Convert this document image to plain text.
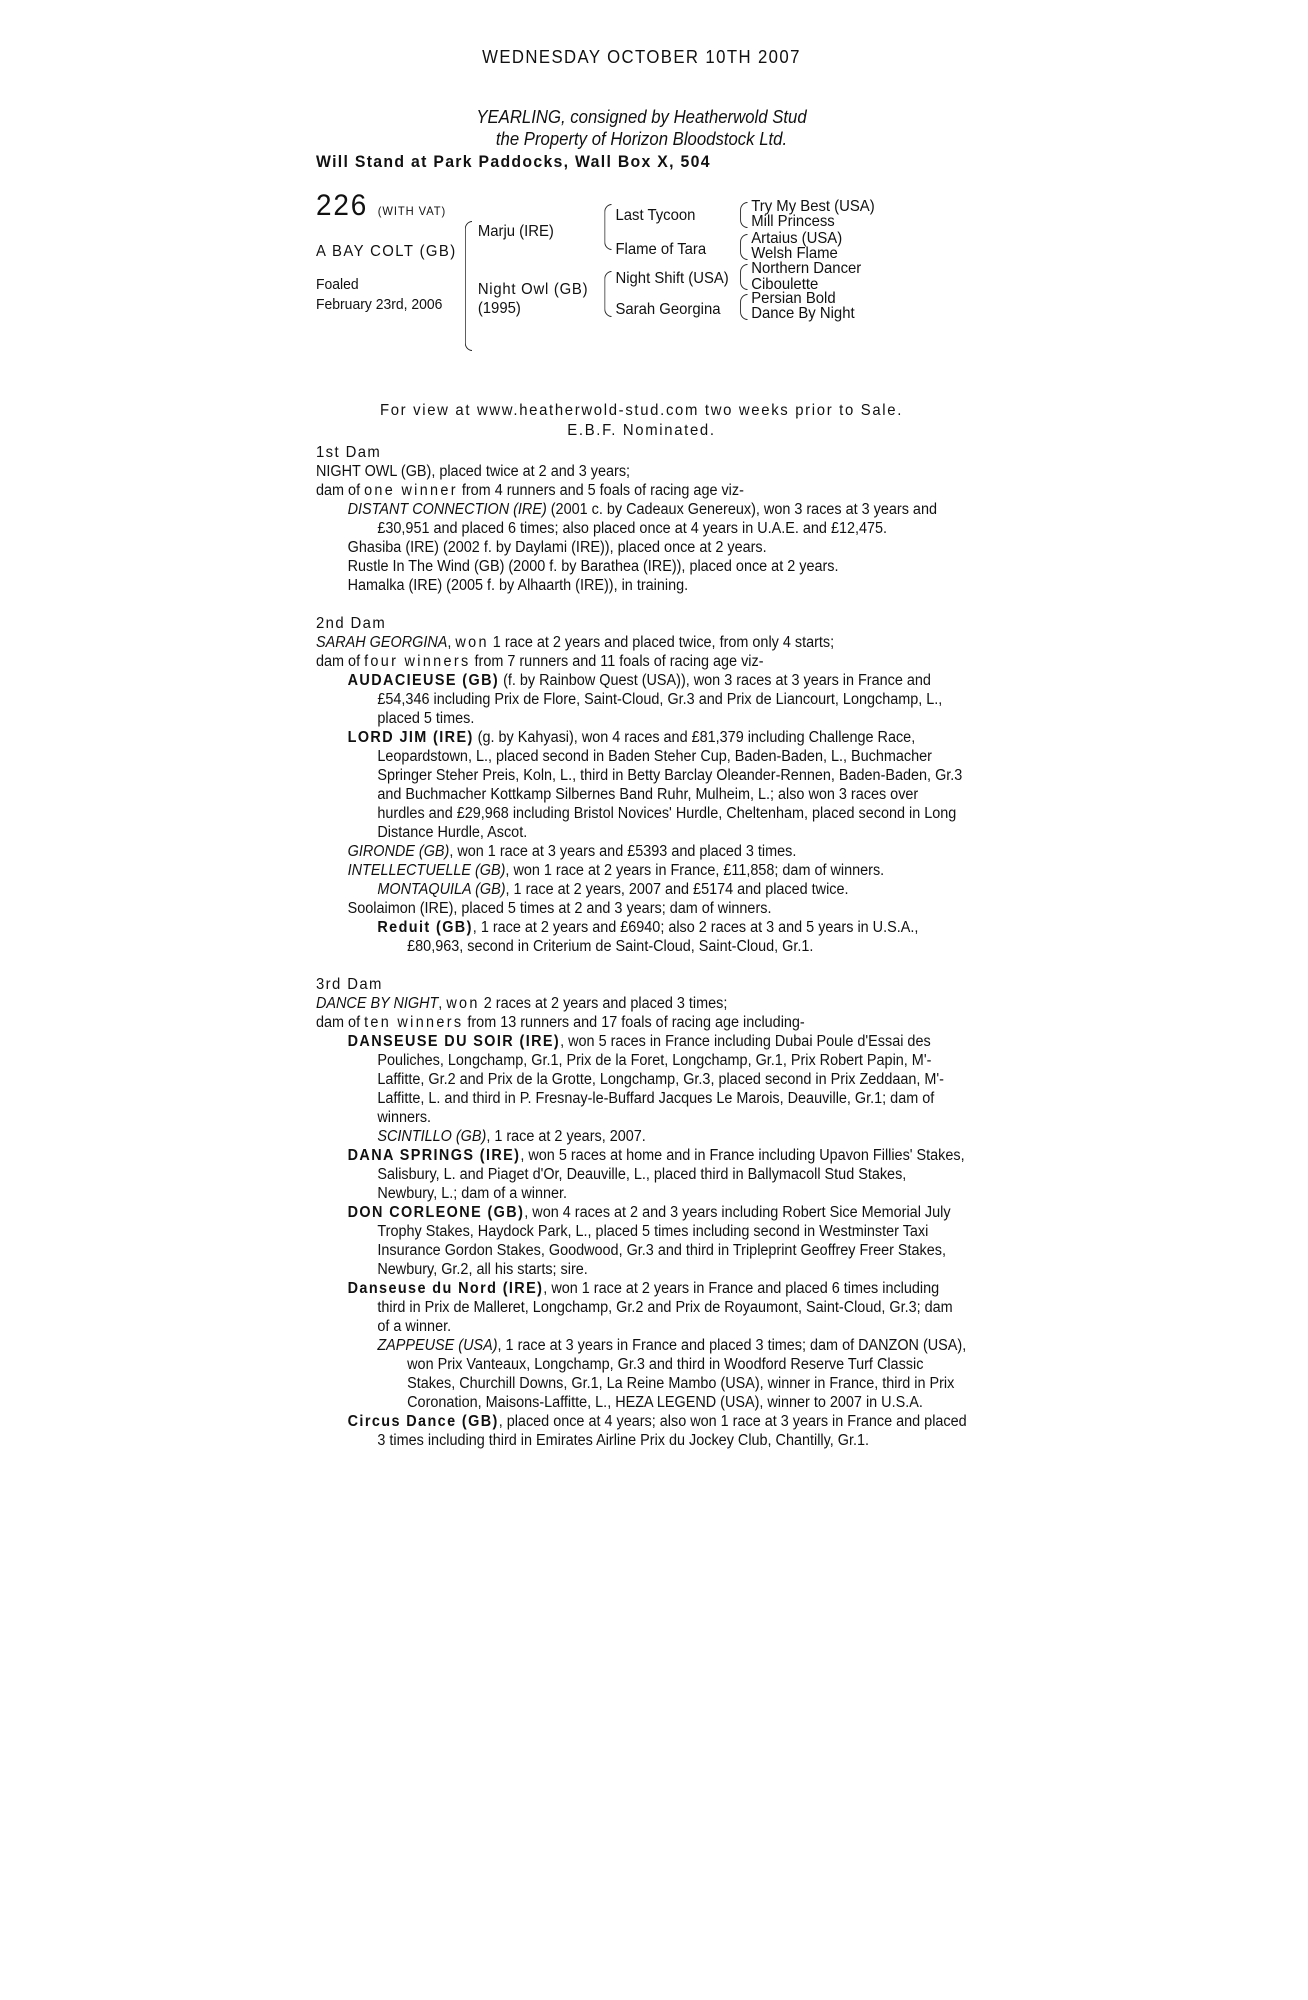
WEDNESDAY OCTOBER 10TH 2007
YEARLING, consigned by Heatherwold Stud
the Property of Horizon Bloodstock Ltd.
Will Stand at Park Paddocks, Wall Box X, 504
226 (WITH VAT)
A BAY COLT (GB)
Foaled
February 23rd, 2006
Marju (IRE)
Night Owl (GB)
(1995)
Last Tycoon
Flame of Tara
Night Shift (USA)
Sarah Georgina
Try My Best (USA)
Mill Princess
Artaius (USA)
Welsh Flame
Northern Dancer
Ciboulette
Persian Bold
Dance By Night
For view at www.heatherwold-stud.com two weeks prior to Sale.
E.B.F. Nominated.
1st Dam
NIGHT OWL (GB), placed twice at 2 and 3 years;
dam of one winner from 4 runners and 5 foals of racing age viz-
DISTANT CONNECTION (IRE) (2001 c. by Cadeaux Genereux), won 3 races at 3 years and £30,951 and placed 6 times; also placed once at 4 years in U.A.E. and £12,475.
Ghasiba (IRE) (2002 f. by Daylami (IRE)), placed once at 2 years.
Rustle In The Wind (GB) (2000 f. by Barathea (IRE)), placed once at 2 years.
Hamalka (IRE) (2005 f. by Alhaarth (IRE)), in training.
2nd Dam
SARAH GEORGINA, won 1 race at 2 years and placed twice, from only 4 starts;
dam of four winners from 7 runners and 11 foals of racing age viz-
AUDACIEUSE (GB) (f. by Rainbow Quest (USA)), won 3 races at 3 years in France and £54,346 including Prix de Flore, Saint-Cloud, Gr.3 and Prix de Liancourt, Longchamp, L., placed 5 times.
LORD JIM (IRE) (g. by Kahyasi), won 4 races and £81,379 including Challenge Race, Leopardstown, L., placed second in Baden Steher Cup, Baden-Baden, L., Buchmacher Springer Steher Preis, Koln, L., third in Betty Barclay Oleander-Rennen, Baden-Baden, Gr.3 and Buchmacher Kottkamp Silbernes Band Ruhr, Mulheim, L.; also won 3 races over hurdles and £29,968 including Bristol Novices' Hurdle, Cheltenham, placed second in Long Distance Hurdle, Ascot.
GIRONDE (GB), won 1 race at 3 years and £5393 and placed 3 times.
INTELLECTUELLE (GB), won 1 race at 2 years in France, £11,858; dam of winners.
MONTAQUILA (GB), 1 race at 2 years, 2007 and £5174 and placed twice.
Soolaimon (IRE), placed 5 times at 2 and 3 years; dam of winners.
Reduit (GB), 1 race at 2 years and £6940; also 2 races at 3 and 5 years in U.S.A., £80,963, second in Criterium de Saint-Cloud, Saint-Cloud, Gr.1.
3rd Dam
DANCE BY NIGHT, won 2 races at 2 years and placed 3 times;
dam of ten winners from 13 runners and 17 foals of racing age including-
DANSEUSE DU SOIR (IRE), won 5 races in France including Dubai Poule d'Essai des Pouliches, Longchamp, Gr.1, Prix de la Foret, Longchamp, Gr.1, Prix Robert Papin, M'-Laffitte, Gr.2 and Prix de la Grotte, Longchamp, Gr.3, placed second in Prix Zeddaan, M'-Laffitte, L. and third in P. Fresnay-le-Buffard Jacques Le Marois, Deauville, Gr.1; dam of winners.
SCINTILLO (GB), 1 race at 2 years, 2007.
DANA SPRINGS (IRE), won 5 races at home and in France including Upavon Fillies' Stakes, Salisbury, L. and Piaget d'Or, Deauville, L., placed third in Ballymacoll Stud Stakes, Newbury, L.; dam of a winner.
DON CORLEONE (GB), won 4 races at 2 and 3 years including Robert Sice Memorial July Trophy Stakes, Haydock Park, L., placed 5 times including second in Westminster Taxi Insurance Gordon Stakes, Goodwood, Gr.3 and third in Tripleprint Geoffrey Freer Stakes, Newbury, Gr.2, all his starts; sire.
Danseuse du Nord (IRE), won 1 race at 2 years in France and placed 6 times including third in Prix de Malleret, Longchamp, Gr.2 and Prix de Royaumont, Saint-Cloud, Gr.3; dam of a winner.
ZAPPEUSE (USA), 1 race at 3 years in France and placed 3 times; dam of DANZON (USA), won Prix Vanteaux, Longchamp, Gr.3 and third in Woodford Reserve Turf Classic Stakes, Churchill Downs, Gr.1, La Reine Mambo (USA), winner in France, third in Prix Coronation, Maisons-Laffitte, L., HEZA LEGEND (USA), winner to 2007 in U.S.A.
Circus Dance (GB), placed once at 4 years; also won 1 race at 3 years in France and placed 3 times including third in Emirates Airline Prix du Jockey Club, Chantilly, Gr.1.
